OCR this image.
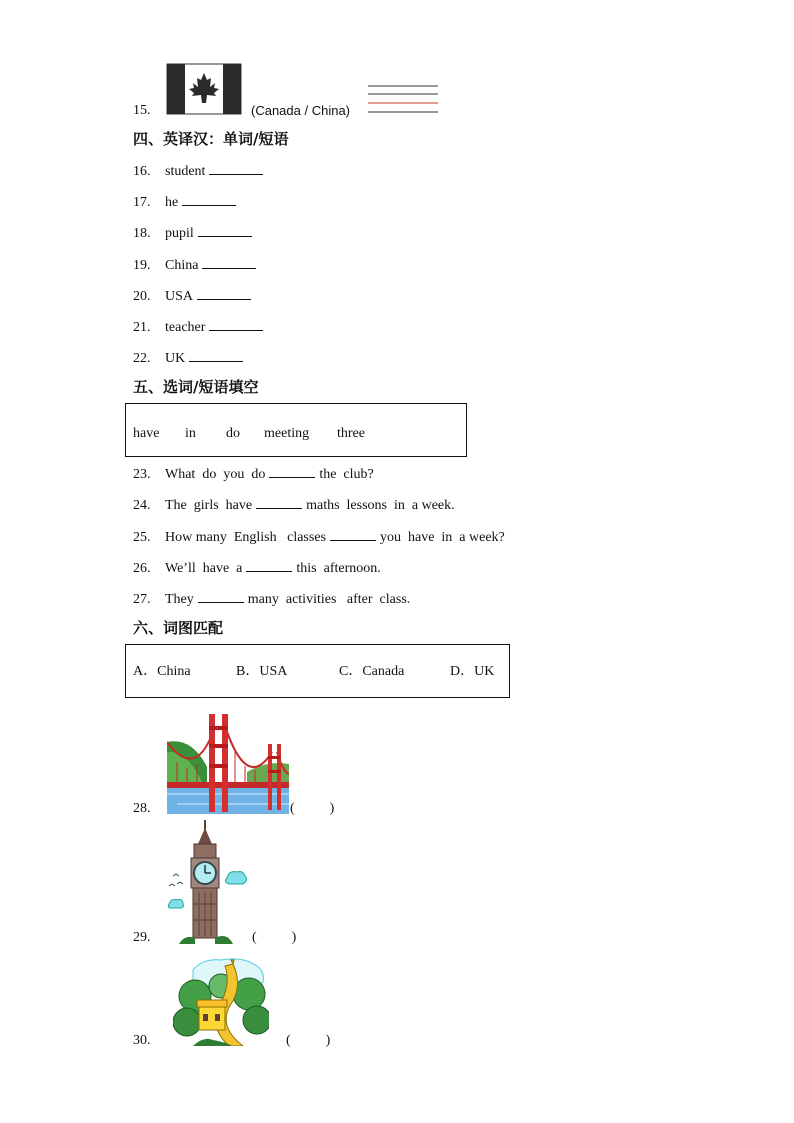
15.	(Canada / China)
四、英译汉：单词/短语
16. student
17. he
18. pupil
19. China
20. USA
21. teacher
22. UK
五、选词/短语填空
have in do meeting three
23. What  do  you  do	the  club?
24. The  girls  have	maths  lessons  in  a week.
25. How many  English   classes	you  have  in  a week?
26. We’ll  have  a	this  afternoon.
27. They	many  activities   after  class.
六、词图匹配
A．China	B．USA	C．Canada	D．UK
28.	(          )
29.	(          )
30.	(          )
